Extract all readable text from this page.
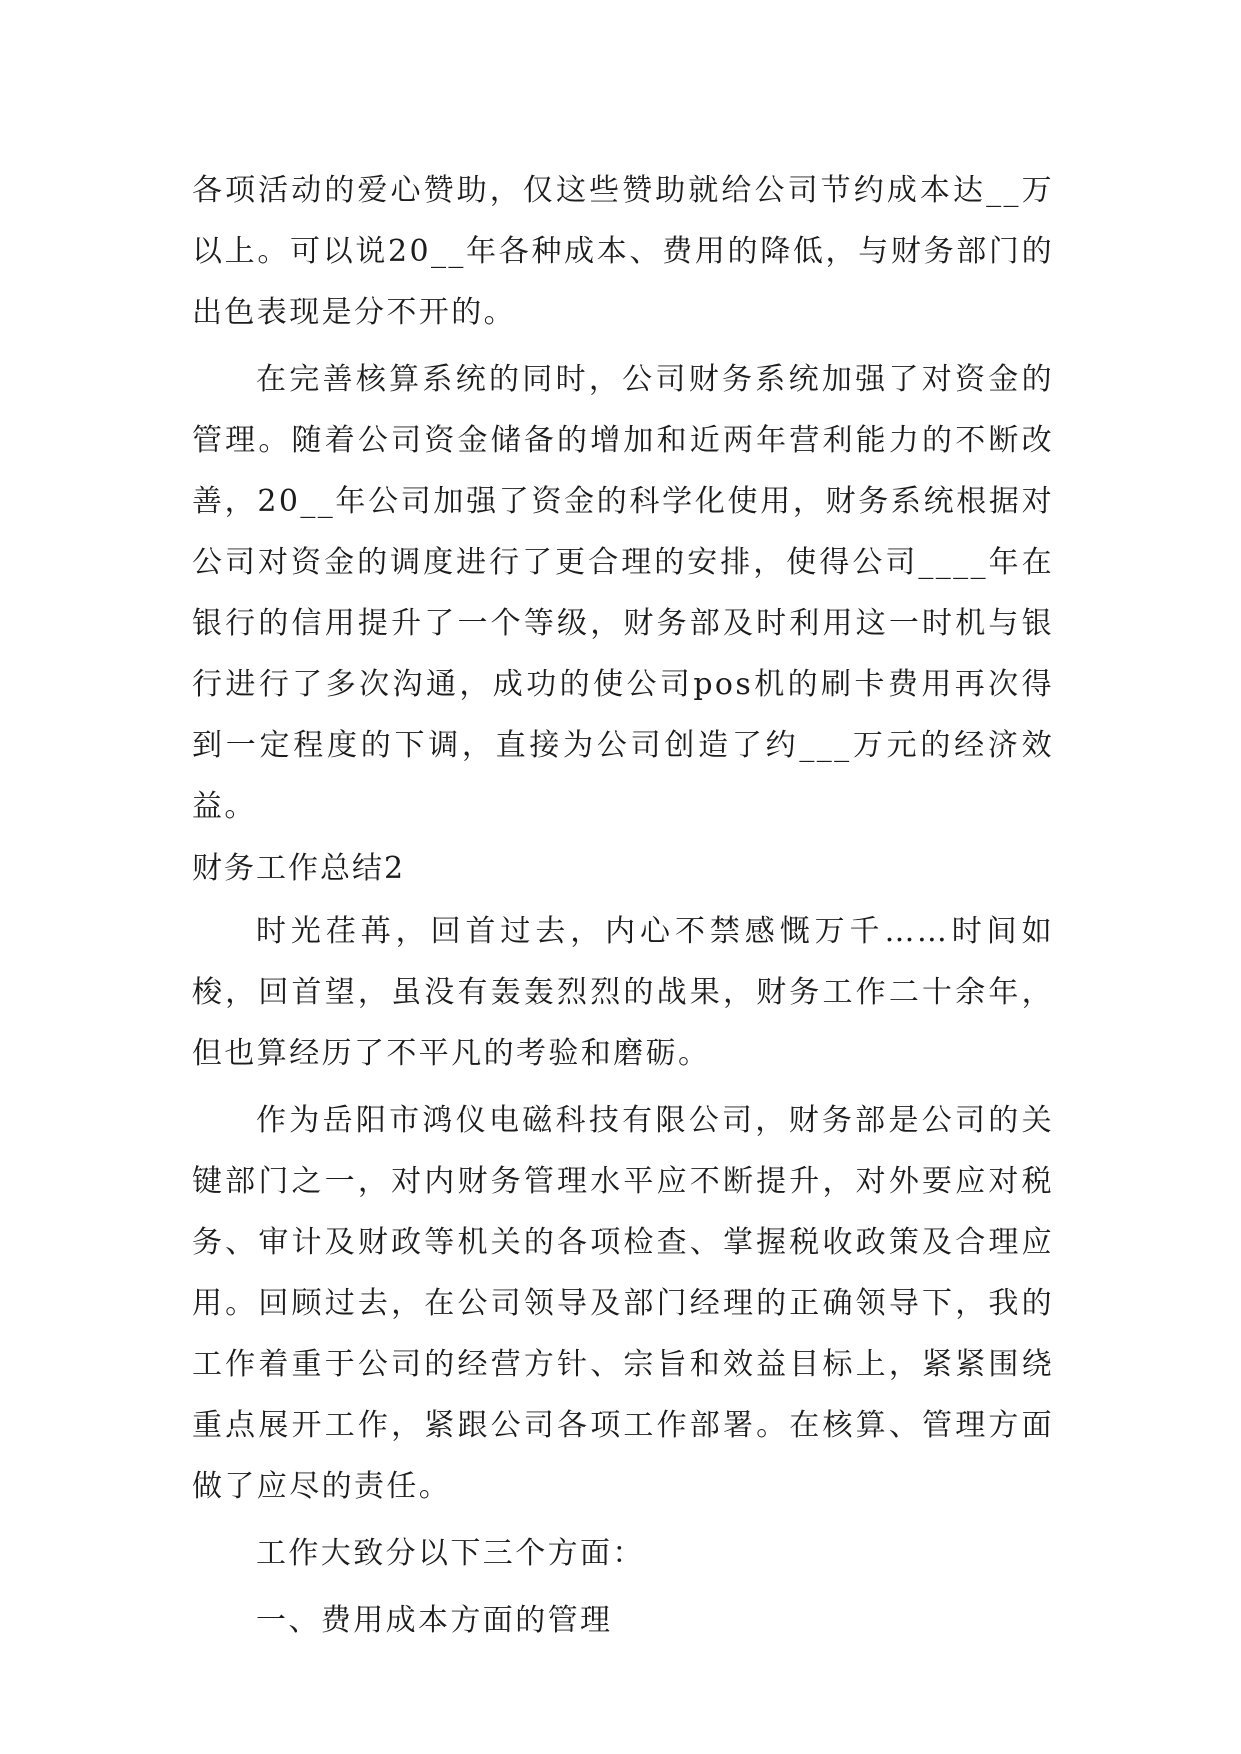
各项活动的爱心赞助，仅这些赞助就给公司节约成本达__万以上。可以说20__年各种成本、费用的降低，与财务部门的出色表现是分不开的。

在完善核算系统的同时，公司财务系统加强了对资金的管理。随着公司资金储备的增加和近两年营利能力的不断改善，20__年公司加强了资金的科学化使用，财务系统根据对公司对资金的调度进行了更合理的安排，使得公司____年在银行的信用提升了一个等级，财务部及时利用这一时机与银行进行了多次沟通，成功的使公司pos机的刷卡费用再次得到一定程度的下调，直接为公司创造了约___万元的经济效益。

财务工作总结2

时光荏苒，回首过去，内心不禁感慨万千……时间如梭，回首望，虽没有轰轰烈烈的战果，财务工作二十余年，但也算经历了不平凡的考验和磨砺。

作为岳阳市鸿仪电磁科技有限公司，财务部是公司的关键部门之一，对内财务管理水平应不断提升，对外要应对税务、审计及财政等机关的各项检查、掌握税收政策及合理应用。回顾过去，在公司领导及部门经理的正确领导下，我的工作着重于公司的经营方针、宗旨和效益目标上，紧紧围绕重点展开工作，紧跟公司各项工作部署。在核算、管理方面做了应尽的责任。

工作大致分以下三个方面：

一、费用成本方面的管理
